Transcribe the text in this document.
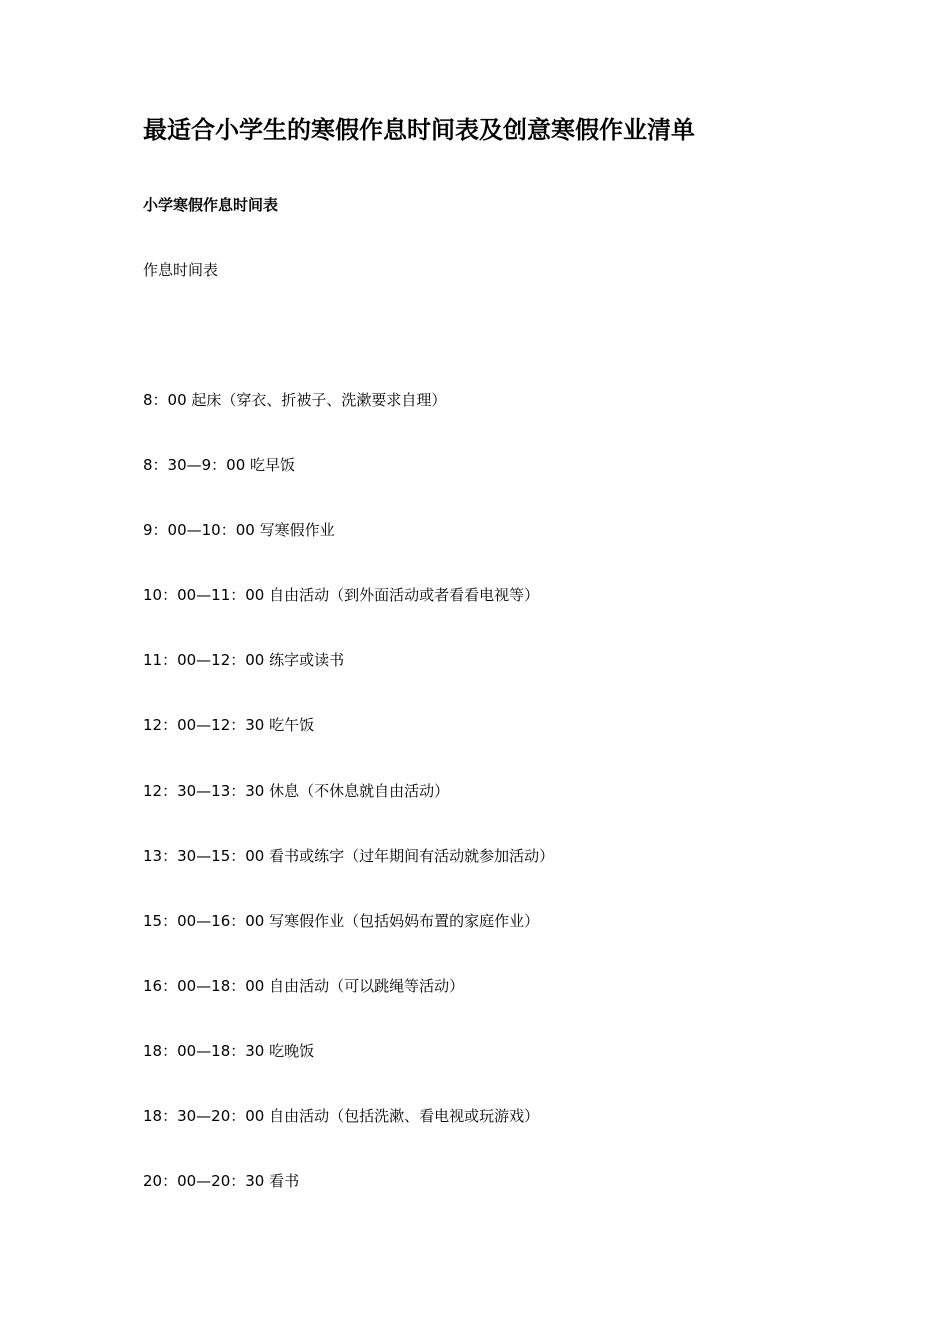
最适合小学生的寒假作息时间表及创意寒假作业清单
小学寒假作息时间表

作息时间表

8：00 起床（穿衣、折被子、洗漱要求自理）
8：30—9：00 吃早饭
9：00—10：00 写寒假作业
10：00—11：00 自由活动（到外面活动或者看看电视等）
11：00—12：00 练字或读书
12：00—12：30 吃午饭
12：30—13：30 休息（不休息就自由活动）
13：30—15：00 看书或练字（过年期间有活动就参加活动）
15：00—16：00 写寒假作业（包括妈妈布置的家庭作业）
16：00—18：00 自由活动（可以跳绳等活动）
18：00—18：30 吃晚饭
18：30—20：00 自由活动（包括洗漱、看电视或玩游戏）
20：00—20：30 看书
